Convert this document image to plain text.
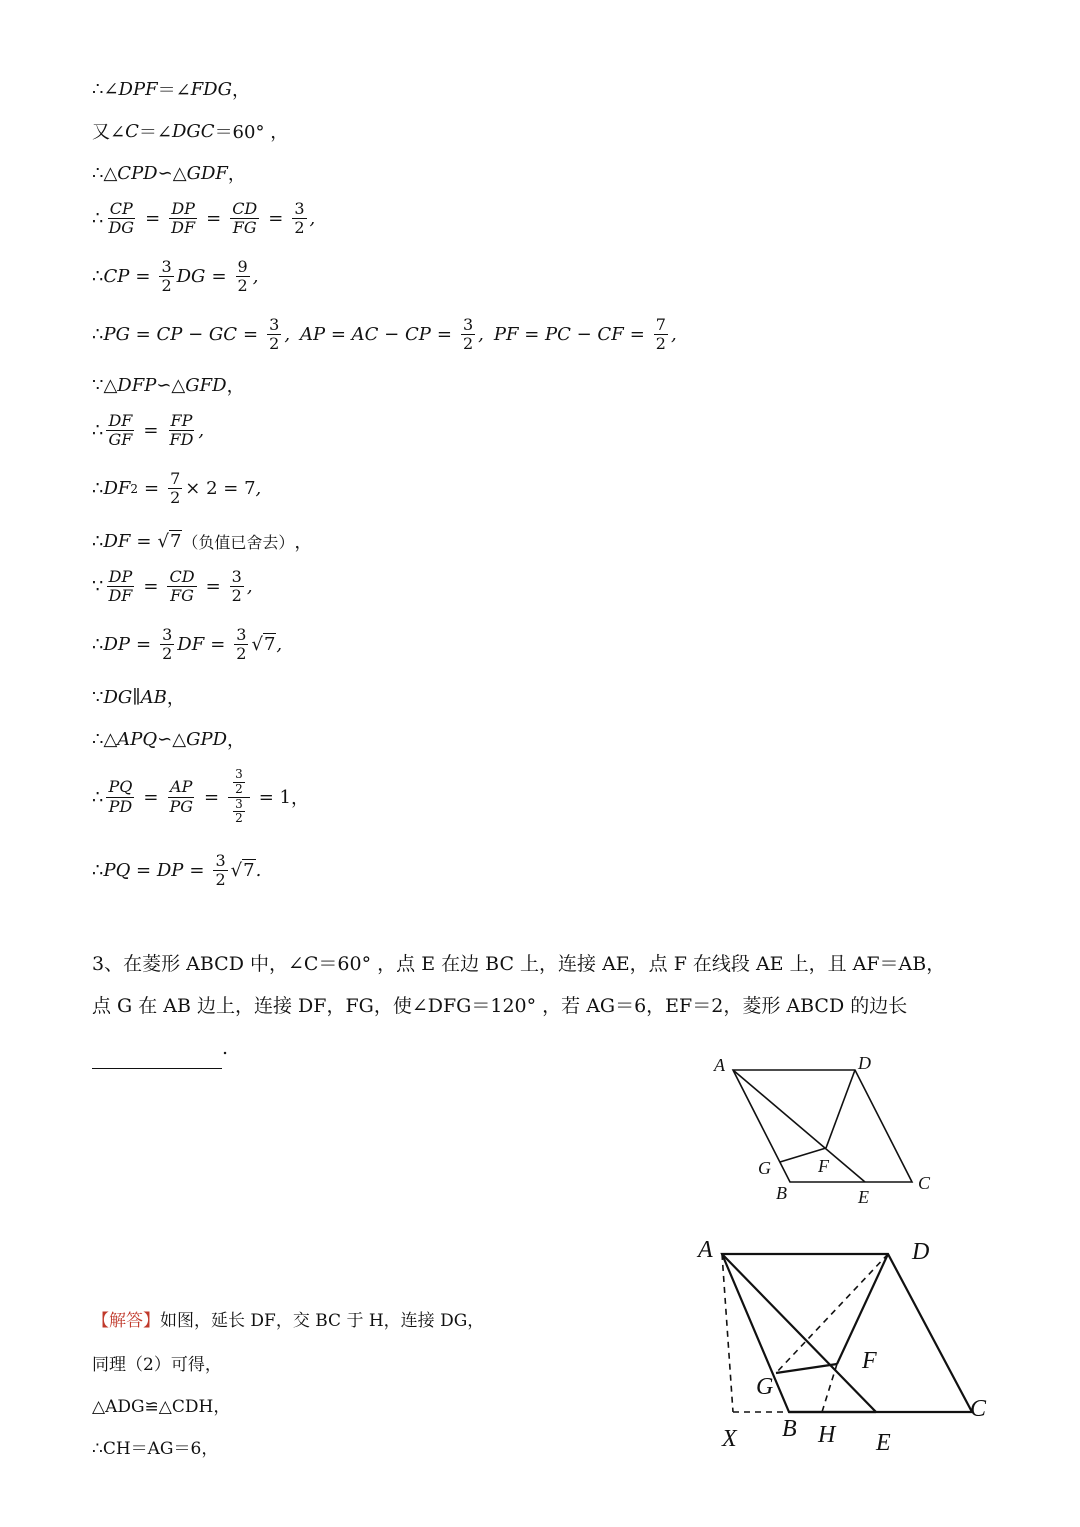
∴∠ DPF ＝∠ FDG ，
又∠ C ＝∠ DGC ＝60° ，
∴△ CPD ∽△ GDF ，
∴ $\frac{CP}{DG} = \frac{DP}{DF} = \frac{CD}{FG} = \frac{3}{2}$ ,
∴ CP = $\frac{3}{2}$ DG = $\frac{9}{2}$ ,
∴ PG = CP − GC = $\frac{3}{2}$ , AP = AC − CP = $\frac{3}{2}$ , PF = PC − CF = $\frac{7}{2}$ ,
∵△ DFP ∽△ GFD ，
∴ $\frac{DF}{GF} = \frac{FP}{FD}$ ,
∴ DF $2 = \frac{7}{2} \times 2 = 7$ ,
∴ DF = √7 （负值已舍去） ，
∵ $\frac{DP}{DF} = \frac{CD}{FG} = \frac{3}{2}$ ,
∴ DP = $\frac{3}{2}$ DF = $\frac{3}{2} √7$ ,
∵ DG∥AB ，
∴△ APQ ∽△ GPD ，
∴ $\frac{PQ}{PD} = \frac{AP}{PG} = \frac{\frac{3}{2}}{\frac{3}{2}} = 1$ ，
∴ PQ = DP = $\frac{3}{2} √7$ .
3、在菱形 ABCD 中，∠C＝60° ，点 E 在边 BC 上，连接 AE，点 F 在线段 AE 上，且 AF＝AB，
点 G 在 AB 边上，连接 DF，FG，使∠DFG＝120° ，若 AG＝6，EF＝2，菱形 ABCD 的边长.
A	D
G	F
C
B	E
【解答】如图，延长 DF，交 BC 于 H，连接 DG，
同理（2）可得，
△ADG≌△CDH，
∴CH＝AG＝6，
A	D
F
G
C
X B H E
